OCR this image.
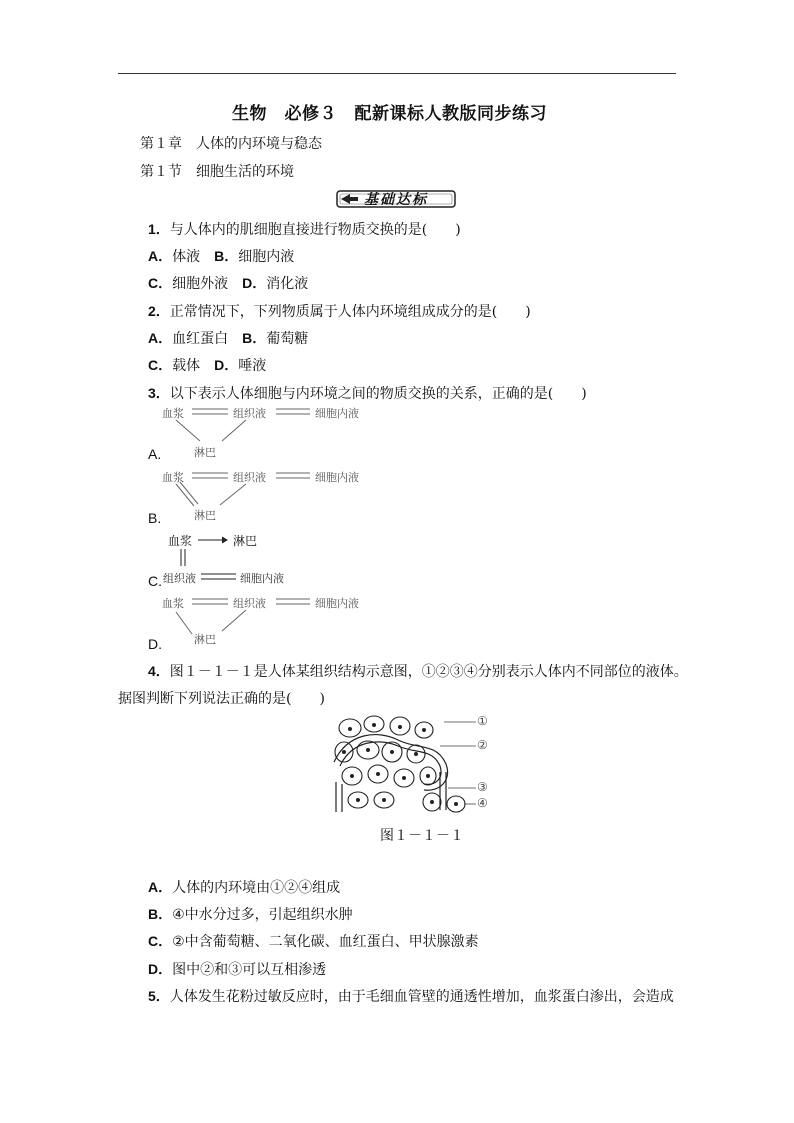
生物　必修３　配新课标人教版同步练习
第１章　人体的内环境与稳态
第１节　细胞生活的环境
基础达标
1．与人体内的肌细胞直接进行物质交换的是(　　)
A．体液　 B．细胞内液
C．细胞外液　 D．消化液
2．正常情况下，下列物质属于人体内环境组成成分的是(　　)
A．血红蛋白　 B．葡萄糖
C．载体　 D．唾液
3．以下表示人体细胞与内环境之间的物质交换的关系，正确的是(　　)
血浆	组织液	细胞内液
淋巴
A.
血浆	组织液	细胞内液
淋巴
B.
血浆	淋巴
组织液	细胞内液
C.
血浆	组织液	细胞内液
淋巴
D.
4．图１－１－１是人体某组织结构示意图，①②③④分别表示人体内不同部位的液体。
据图判断下列说法正确的是(　　)
①
②
③
④
图１－１－１
A．人体的内环境由①②④组成
B．④中水分过多，引起组织水肿
C．②中含葡萄糖、二氧化碳、血红蛋白、甲状腺激素
D．图中②和③可以互相渗透
5．人体发生花粉过敏反应时，由于毛细血管壁的通透性增加，血浆蛋白渗出，会造成
